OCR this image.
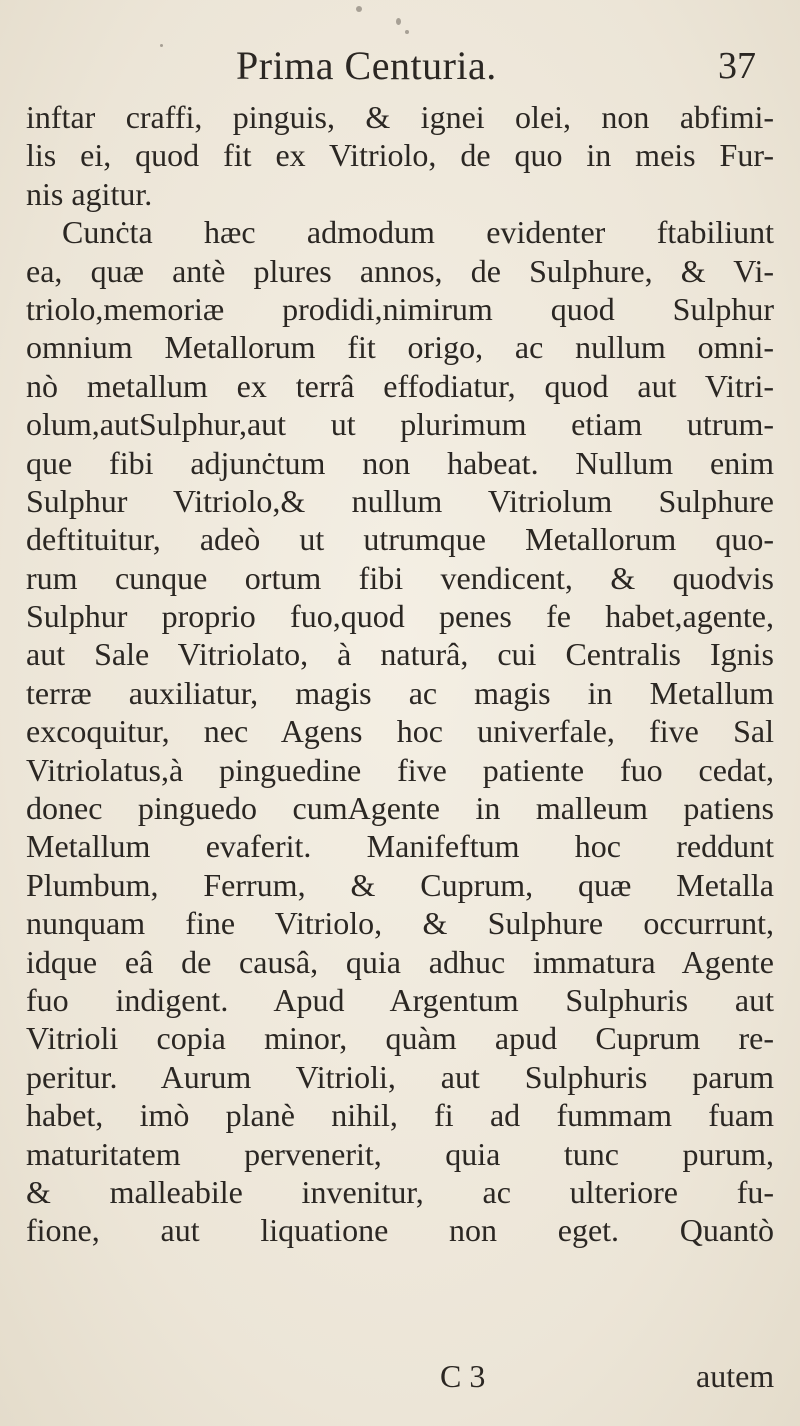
Prima Centuria.	37
inftar craffi, pinguis, & ignei olei, non abfimi-
lis ei, quod fit ex Vitriolo, de quo in meis Fur-
nis agitur.
Cunċta hæc admodum evidenter ftabiliunt
ea, quæ antè plures annos, de Sulphure, & Vi-
triolo,memoriæ prodidi,nimirum quod Sulphur
omnium Metallorum fit origo, ac nullum omni-
nò metallum ex terrâ effodiatur, quod aut Vitri-
olum,autSulphur,aut ut plurimum etiam utrum-
que fibi adjunċtum non habeat. Nullum enim
Sulphur Vitriolo,& nullum Vitriolum Sulphure
deftituitur, adeò ut utrumque Metallorum quo-
rum cunque ortum fibi vendicent, & quodvis
Sulphur proprio fuo,quod penes fe habet,agente,
aut Sale Vitriolato, à naturâ, cui Centralis Ignis
terræ auxiliatur, magis ac magis in Metallum
excoquitur, nec Agens hoc univerfale, five Sal
Vitriolatus,à pinguedine five patiente fuo cedat,
donec pinguedo cumAgente in malleum patiens
Metallum evaferit. Manifeftum hoc reddunt
Plumbum, Ferrum, & Cuprum, quæ Metalla
nunquam fine Vitriolo, & Sulphure occurrunt,
idque eâ de causâ, quia adhuc immatura Agente
fuo indigent. Apud Argentum Sulphuris aut
Vitrioli copia minor, quàm apud Cuprum re-
peritur. Aurum Vitrioli, aut Sulphuris parum
habet, imò planè nihil, fi ad fummam fuam
maturitatem pervenerit, quia tunc purum,
& malleabile invenitur, ac ulteriore fu-
fione, aut liquatione non eget. Quantò
C 3	autem
